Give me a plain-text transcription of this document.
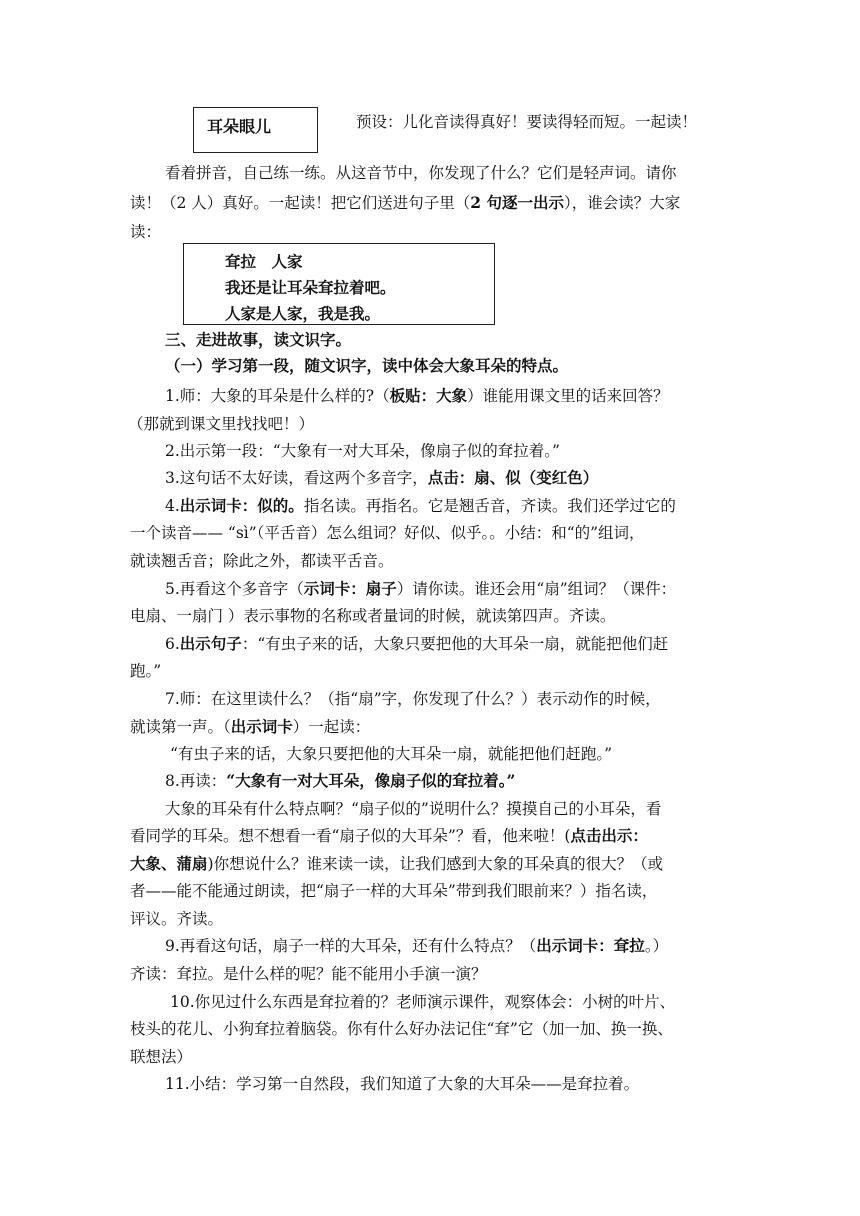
耳朵眼儿	预设：儿化音读得真好！要读得轻而短。一起读！
看着拼音，自己练一练。从这音节中，你发现了什么？它们是轻声词。请你
读！（2 人）真好。一起读！把它们送进句子里（2 句逐一出示），谁会读？大家
读：
耷拉　人家
我还是让耳朵耷拉着吧。
人家是人家，我是我。
三、走进故事，读文识字。
（一）学习第一段，随文识字，读中体会大象耳朵的特点。
1.师：大象的耳朵是什么样的?（板贴：大象）谁能用课文里的话来回答？
（那就到课文里找找吧！）
2.出示第一段：“大象有一对大耳朵，像扇子似的耷拉着。”
3.这句话不太好读，看这两个多音字，点击：扇、似（变红色）
4.出示词卡：似的。指名读。再指名。它是翘舌音，齐读。我们还学过它的
一个读音—— “sì”（平舌音）怎么组词？好似、似乎。。小结：和“的”组词，
就读翘舌音；除此之外，都读平舌音。
5.再看这个多音字（示词卡：扇子）请你读。谁还会用“扇”组词？（课件：
电扇、一扇门 ）表示事物的名称或者量词的时候，就读第四声。齐读。
6.出示句子：“有虫子来的话，大象只要把他的大耳朵一扇，就能把他们赶
跑。”
7.师：在这里读什么？（指“扇”字，你发现了什么？）表示动作的时候，
就读第一声。（出示词卡）一起读：
“有虫子来的话，大象只要把他的大耳朵一扇，就能把他们赶跑。”
8.再读：“大象有一对大耳朵，像扇子似的耷拉着。”
大象的耳朵有什么特点啊？“扇子似的”说明什么？摸摸自己的小耳朵，看
看同学的耳朵。想不想看一看“扇子似的大耳朵”？看，他来啦！(点击出示：
大象、蒲扇)你想说什么？谁来读一读，让我们感到大象的耳朵真的很大？（或
者——能不能通过朗读，把“扇子一样的大耳朵”带到我们眼前来？）指名读，
评议。齐读。
9.再看这句话，扇子一样的大耳朵，还有什么特点？（出示词卡：耷拉。）
齐读：耷拉。是什么样的呢？能不能用小手演一演？
10.你见过什么东西是耷拉着的？老师演示课件，观察体会：小树的叶片、
枝头的花儿、小狗耷拉着脑袋。你有什么好办法记住“耷”它（加一加、换一换、
联想法）
11.小结：学习第一自然段，我们知道了大象的大耳朵——是耷拉着。
